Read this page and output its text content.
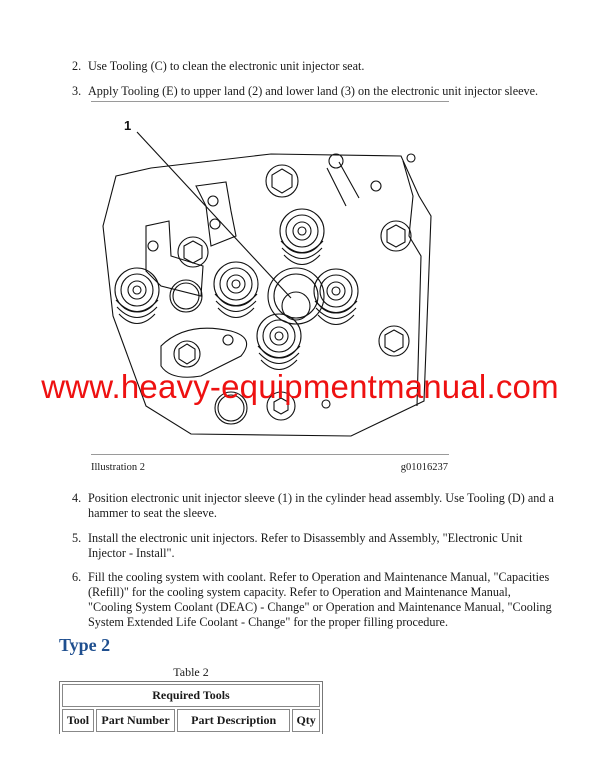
2. Use Tooling (C) to clean the electronic unit injector seat.
3. Apply Tooling (E) to upper land (2) and lower land (3) on the electronic unit injector sleeve.
1
www.heavy-equipmentmanual.com
Illustration 2	g01016237
4. Position electronic unit injector sleeve (1) in the cylinder head assembly. Use Tooling (D) and a
hammer to seat the sleeve.
5. Install the electronic unit injectors. Refer to Disassembly and Assembly, "Electronic Unit
Injector - Install".
6. Fill the cooling system with coolant. Refer to Operation and Maintenance Manual, "Capacities
(Refill)" for the cooling system capacity. Refer to Operation and Maintenance Manual,
"Cooling System Coolant (DEAC) - Change" or Operation and Maintenance Manual, "Cooling
System Extended Life Coolant - Change" for the proper filling procedure.
Type 2
Table 2
Required Tools
Tool	Part Number	Part Description	Qty
